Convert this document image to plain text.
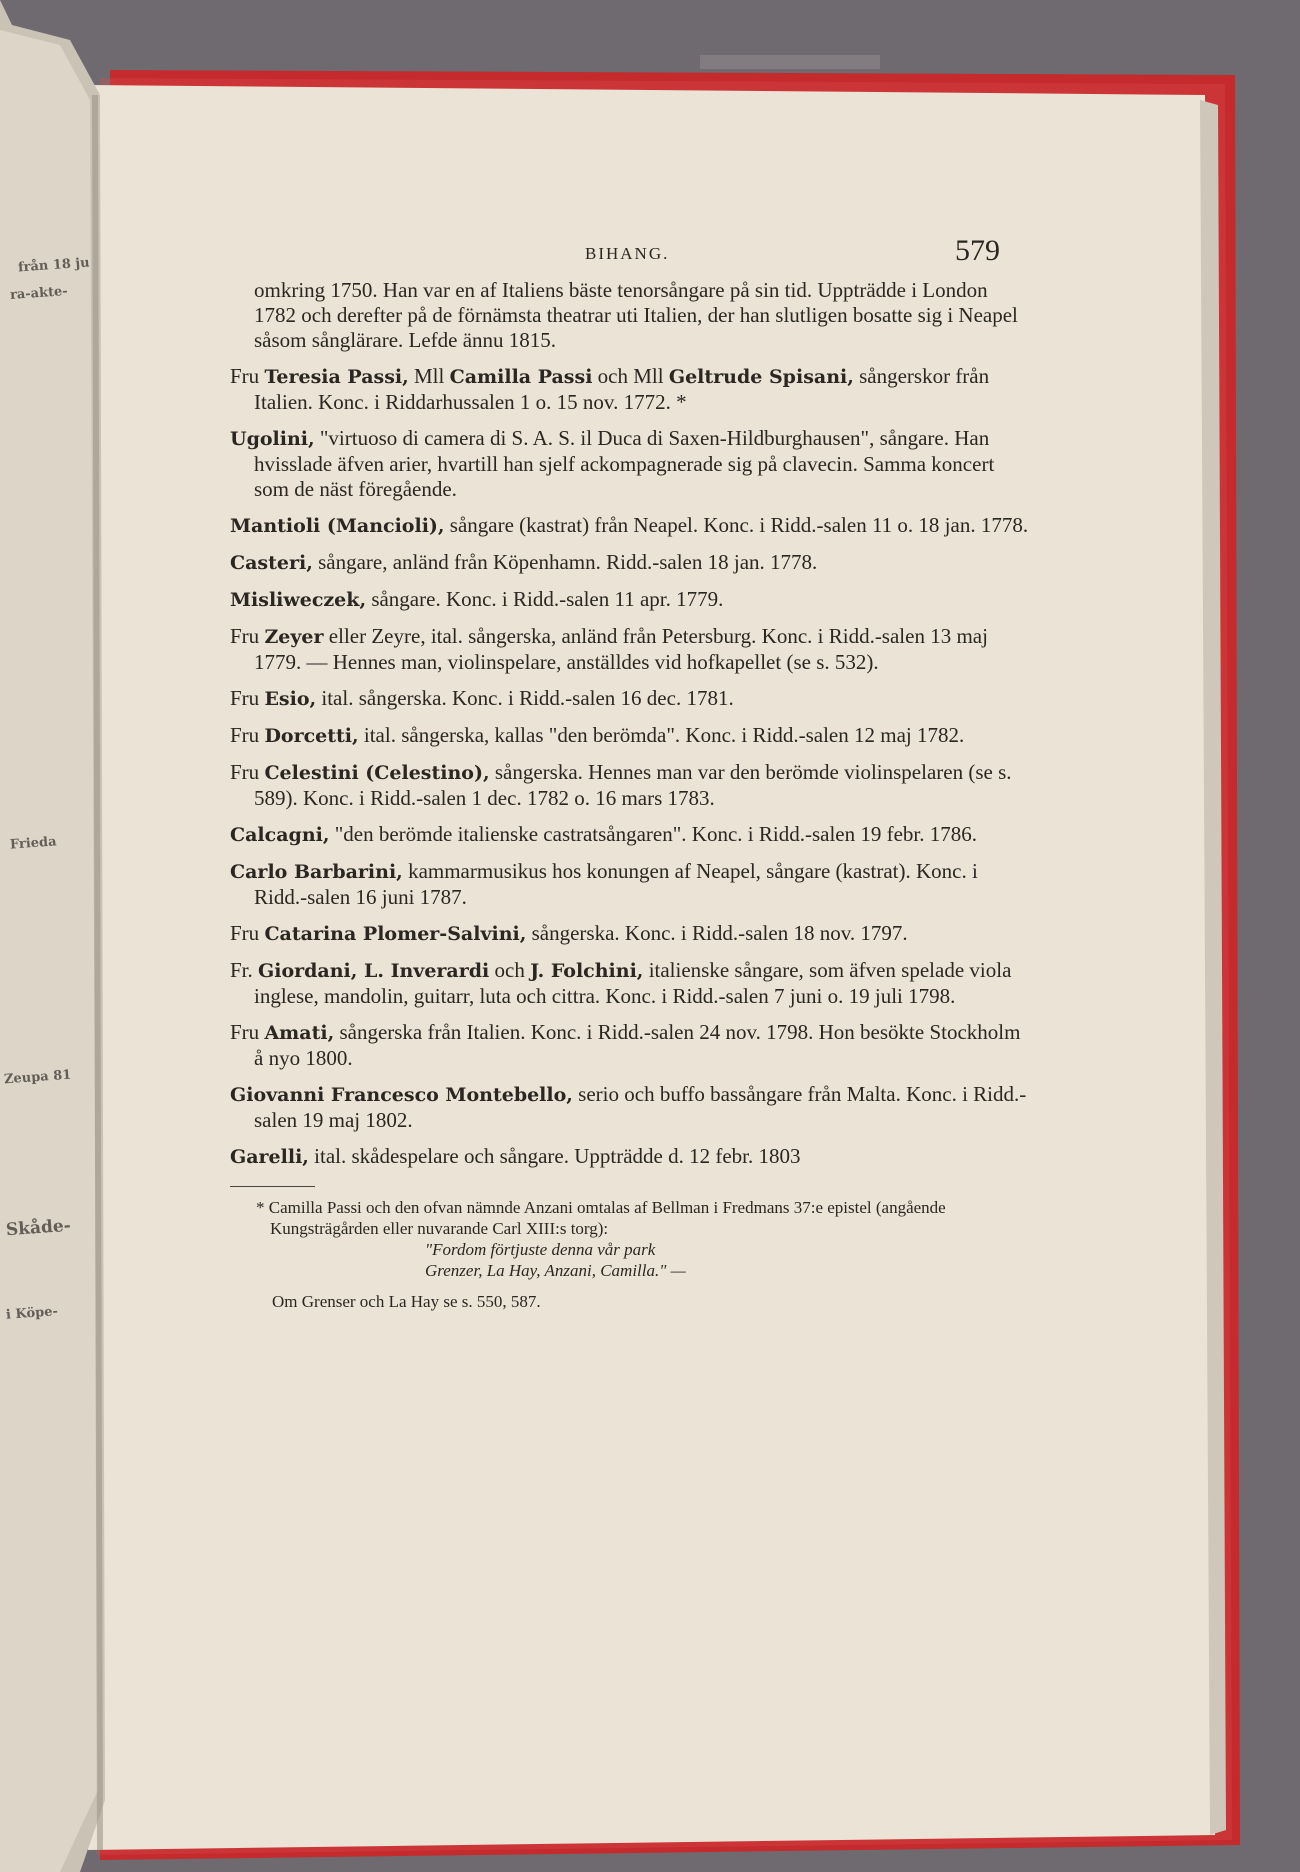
från 18 ju
ra-akte-
Skåde-
i Köpe-
Zeupa 81
Frieda
BIHANG.	579

omkring 1750. Han var en af Italiens bäste tenorsångare på sin tid. Uppträdde i London 1782 och derefter på de förnämsta theatrar uti Italien, der han slutligen bosatte sig i Neapel såsom sånglärare. Lefde ännu 1815.

Fru Teresia Passi, Mll Camilla Passi och Mll Geltrude Spisani, sångerskor från Italien. Konc. i Riddarhussalen 1 o. 15 nov. 1772. *

Ugolini, "virtuoso di camera di S. A. S. il Duca di Saxen-Hildburghausen", sångare. Han hvisslade äfven arier, hvartill han sjelf ackompagnerade sig på clavecin. Samma koncert som de näst föregående.

Mantioli (Mancioli), sångare (kastrat) från Neapel. Konc. i Ridd.-salen 11 o. 18 jan. 1778.

Casteri, sångare, anländ från Köpenhamn. Ridd.-salen 18 jan. 1778.

Misliweczek, sångare. Konc. i Ridd.-salen 11 apr. 1779.

Fru Zeyer eller Zeyre, ital. sångerska, anländ från Petersburg. Konc. i Ridd.-salen 13 maj 1779. — Hennes man, violinspelare, anställdes vid hofkapellet (se s. 532).

Fru Esio, ital. sångerska. Konc. i Ridd.-salen 16 dec. 1781.

Fru Dorcetti, ital. sångerska, kallas "den berömda". Konc. i Ridd.-salen 12 maj 1782.

Fru Celestini (Celestino), sångerska. Hennes man var den berömde violinspelaren (se s. 589). Konc. i Ridd.-salen 1 dec. 1782 o. 16 mars 1783.

Calcagni, "den berömde italienske castratsångaren". Konc. i Ridd.-salen 19 febr. 1786.

Carlo Barbarini, kammarmusikus hos konungen af Neapel, sångare (kastrat). Konc. i Ridd.-salen 16 juni 1787.

Fru Catarina Plomer-Salvini, sångerska. Konc. i Ridd.-salen 18 nov. 1797.

Fr. Giordani, L. Inverardi och J. Folchini, italienske sångare, som äfven spelade viola inglese, mandolin, guitarr, luta och cittra. Konc. i Ridd.-salen 7 juni o. 19 juli 1798.

Fru Amati, sångerska från Italien. Konc. i Ridd.-salen 24 nov. 1798. Hon besökte Stockholm å nyo 1800.

Giovanni Francesco Montebello, serio och buffo bassångare från Malta. Konc. i Ridd.-salen 19 maj 1802.

Garelli, ital. skådespelare och sångare. Uppträdde d. 12 febr. 1803

* Camilla Passi och den ofvan nämnde Anzani omtalas af Bellman i Fredmans 37:e epistel (angående Kungsträgården eller nuvarande Carl XIII:s torg):

"Fordom förtjuste denna vår park

Grenzer, La Hay, Anzani, Camilla." —

Om Grenser och La Hay se s. 550, 587.
